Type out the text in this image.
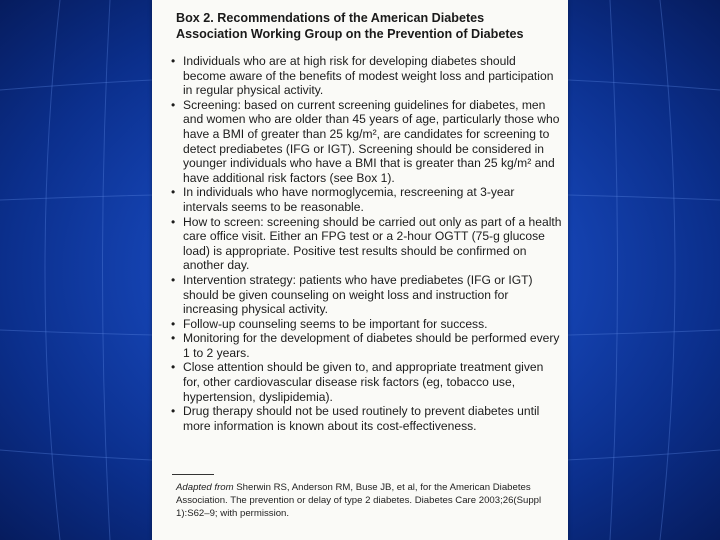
Box 2. Recommendations of the American Diabetes
Association Working Group on the Prevention of Diabetes
• Individuals who are at high risk for developing diabetes should become aware of the benefits of modest weight loss and participation in regular physical activity.
• Screening: based on current screening guidelines for diabetes, men and women who are older than 45 years of age, particularly those who have a BMI of greater than 25 kg/m², are candidates for screening to detect prediabetes (IFG or IGT). Screening should be considered in younger individuals who have a BMI that is greater than 25 kg/m² and have additional risk factors (see Box 1).
• In individuals who have normoglycemia, rescreening at 3-year intervals seems to be reasonable.
• How to screen: screening should be carried out only as part of a health care office visit. Either an FPG test or a 2-hour OGTT (75-g glucose load) is appropriate. Positive test results should be confirmed on another day.
• Intervention strategy: patients who have prediabetes (IFG or IGT) should be given counseling on weight loss and instruction for increasing physical activity.
• Follow-up counseling seems to be important for success.
• Monitoring for the development of diabetes should be performed every 1 to 2 years.
• Close attention should be given to, and appropriate treatment given for, other cardiovascular disease risk factors (eg, tobacco use, hypertension, dyslipidemia).
• Drug therapy should not be used routinely to prevent diabetes until more information is known about its cost-effectiveness.

Adapted from Sherwin RS, Anderson RM, Buse JB, et al, for the American Diabetes Association. The prevention or delay of type 2 diabetes. Diabetes Care 2003;26(Suppl 1):S62–9; with permission.
